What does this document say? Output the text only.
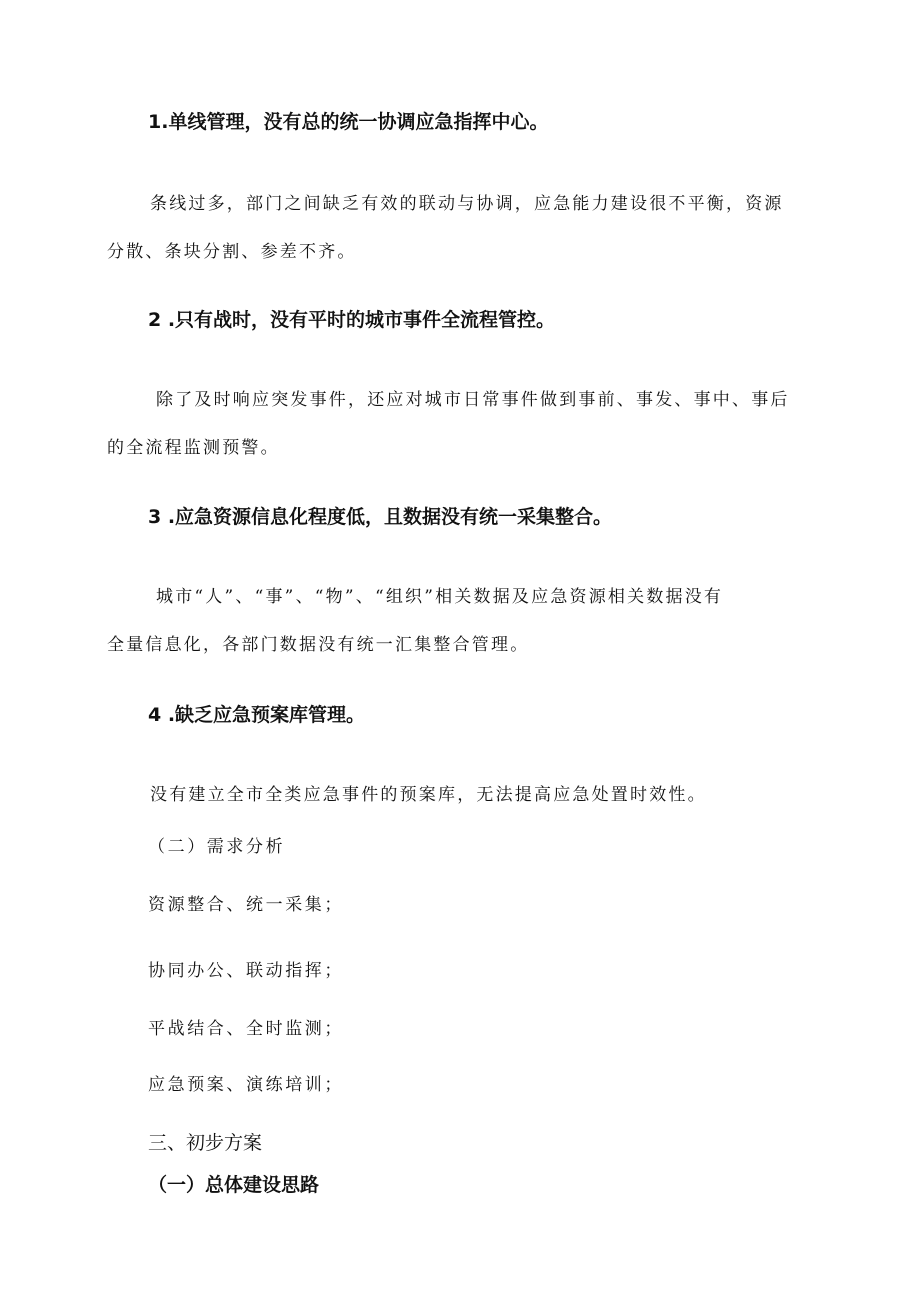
1.单线管理，没有总的统一协调应急指挥中心。
条线过多，部门之间缺乏有效的联动与协调，应急能力建设很不平衡，资源
分散、条块分割、参差不齐。
2 .只有战时，没有平时的城市事件全流程管控。
除了及时响应突发事件，还应对城市日常事件做到事前、事发、事中、事后
的全流程监测预警。
3 .应急资源信息化程度低，且数据没有统一采集整合。
城市“人”、“事”、“物”、“组织”相关数据及应急资源相关数据没有
全量信息化，各部门数据没有统一汇集整合管理。
4 .缺乏应急预案库管理。
没有建立全市全类应急事件的预案库，无法提高应急处置时效性。
（二）需求分析
资源整合、统一采集；
协同办公、联动指挥；
平战结合、全时监测；
应急预案、演练培训；
三、初步方案
（一）总体建设思路
